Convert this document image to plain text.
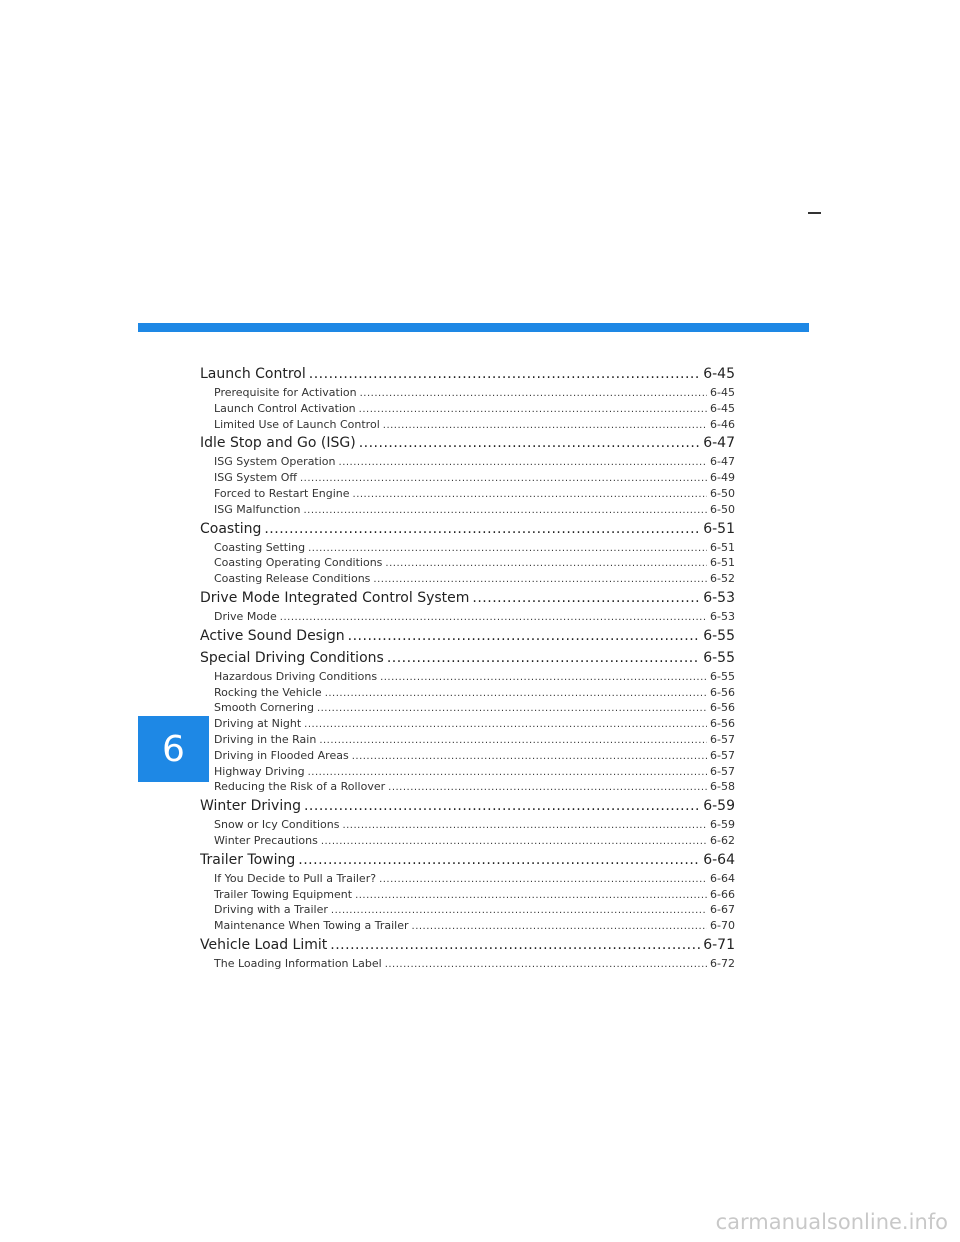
6
Launch Control .....	6-45
Prerequisite for Activation .....	6-45
Launch Control Activation .....	6-45
Limited Use of Launch Control .....	6-46
Idle Stop and Go (ISG) .....	6-47
ISG System Operation .....	6-47
ISG System Off .....	6-49
Forced to Restart Engine .....	6-50
ISG Malfunction .....	6-50
Coasting .....	6-51
Coasting Setting .....	6-51
Coasting Operating Conditions .....	6-51
Coasting Release Conditions .....	6-52
Drive Mode Integrated Control System .....	6-53
Drive Mode .....	6-53
Active Sound Design .....	6-55
Special Driving Conditions .....	6-55
Hazardous Driving Conditions .....	6-55
Rocking the Vehicle .....	6-56
Smooth Cornering .....	6-56
Driving at Night .....	6-56
Driving in the Rain .....	6-57
Driving in Flooded Areas .....	6-57
Highway Driving .....	6-57
Reducing the Risk of a Rollover .....	6-58
Winter Driving .....	6-59
Snow or Icy Conditions .....	6-59
Winter Precautions .....	6-62
Trailer Towing .....	6-64
If You Decide to Pull a Trailer? .....	6-64
Trailer Towing Equipment .....	6-66
Driving with a Trailer .....	6-67
Maintenance When Towing a Trailer .....	6-70
Vehicle Load Limit .....	6-71
The Loading Information Label .....	6-72
carmanualsonline.info
